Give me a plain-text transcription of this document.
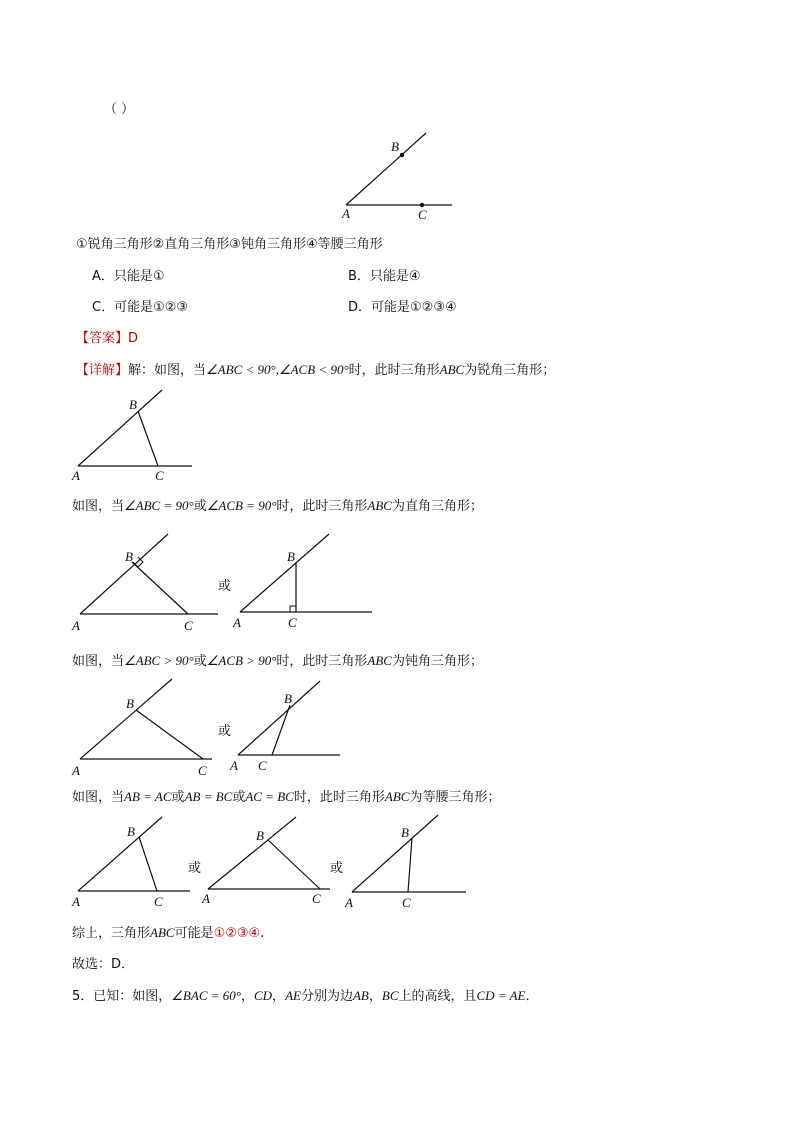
（ ）
B
A	C
①锐角三角形②直角三角形③钝角三角形④等腰三角形
A．只能是①	B．只能是④
C．可能是①②③	D．可能是①②③④
【答案】D
【详解】解：如图，当∠ABC < 90°,∠ACB < 90°时，此时三角形ABC为锐角三角形；
B
A	C
如图，当∠ABC = 90°或∠ACB = 90°时，此时三角形ABC为直角三角形；
B
A	C
或
B
A	C
如图，当∠ABC > 90°或∠ACB > 90°时，此时三角形ABC为钝角三角形；
B
A	C
或
B
A C
如图，当AB = AC或AB = BC或AC = BC时，此时三角形ABC为等腰三角形；
B
A	C
或
B
A	C
或
B
A	C
综上，三角形ABC可能是①②③④.
故选：D．
5．已知：如图，∠BAC = 60°，CD，AE分别为边AB，BC上的高线，且CD = AE．
